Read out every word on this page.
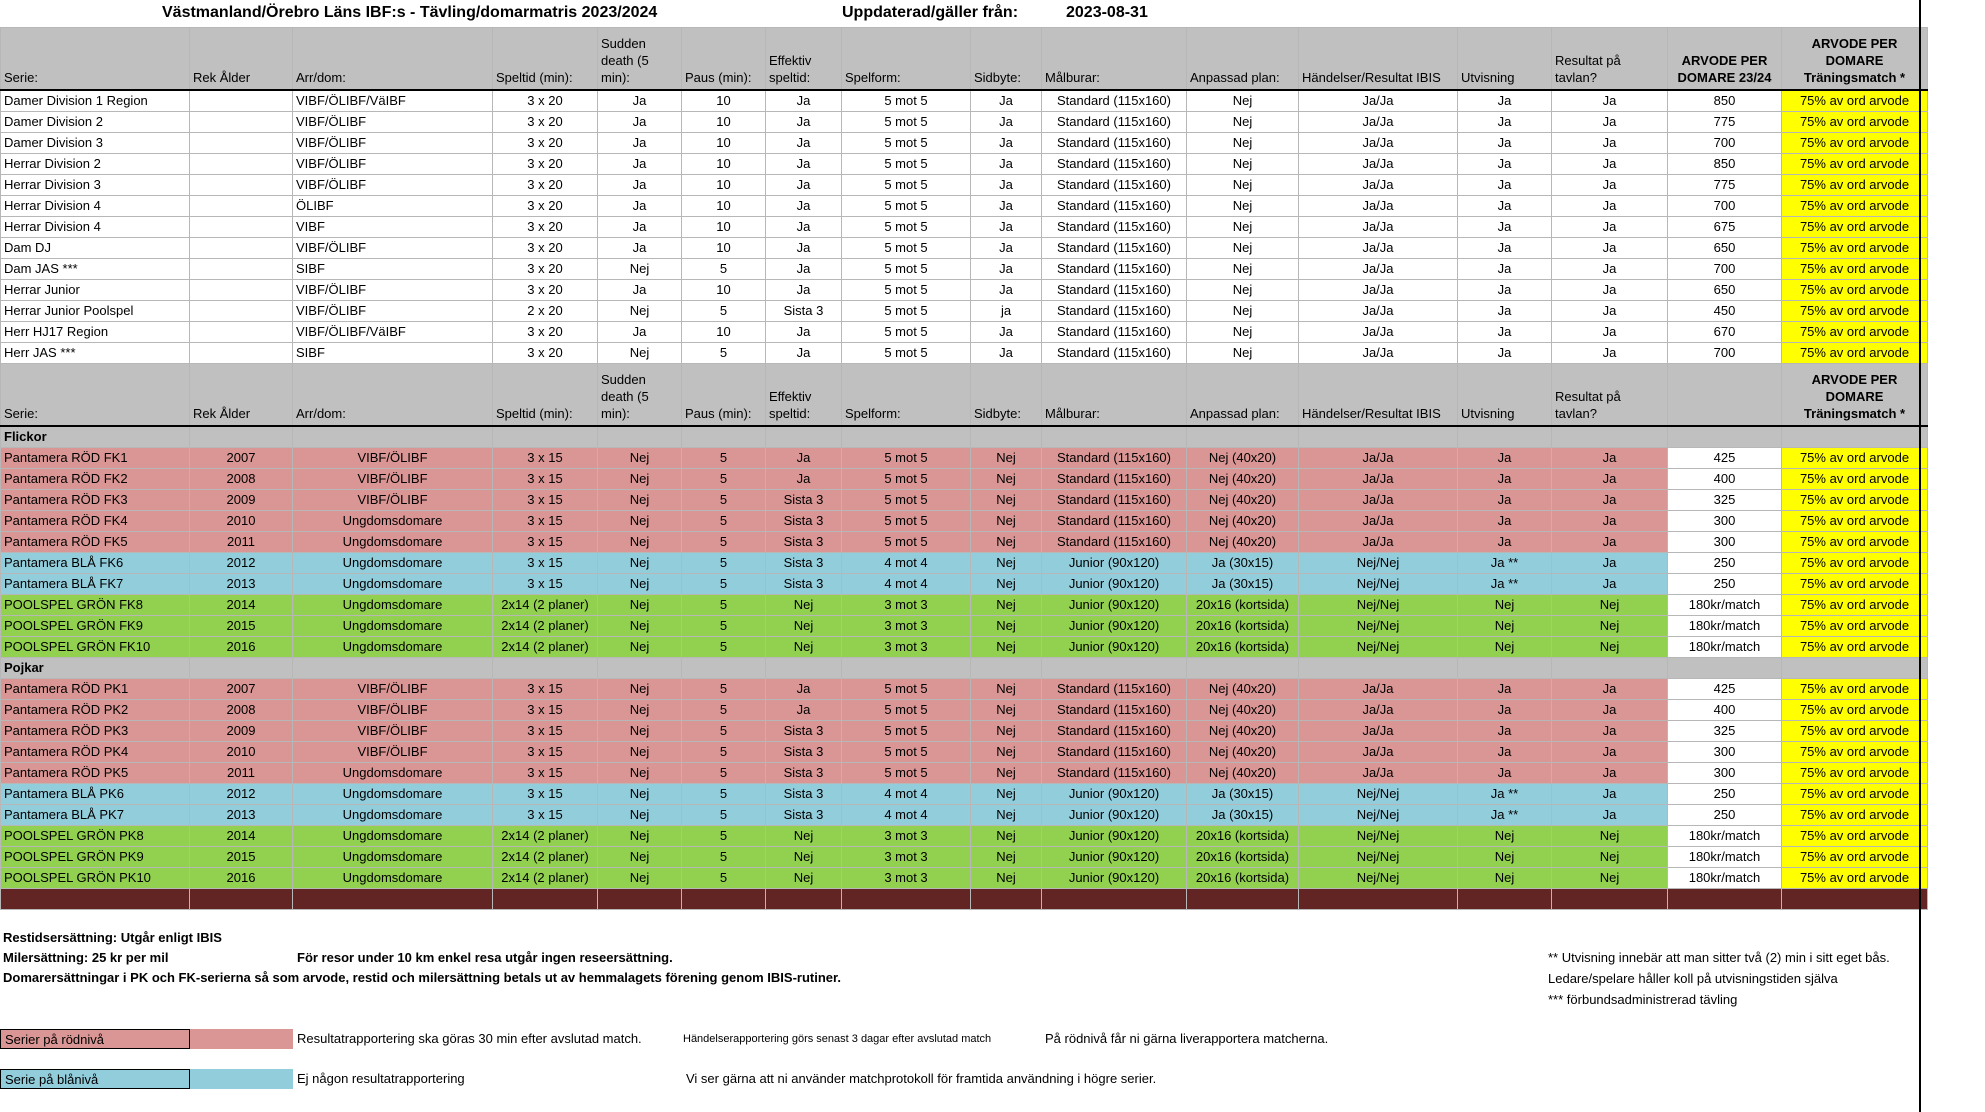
Västmanland/Örebro Läns IBF:s - Tävling/domarmatris 2023/2024	Uppdaterad/gäller från:	2023-08-31
Serie:	Rek Ålder	Arr/dom:	Speltid (min):	Sudden death (5 min):	Paus (min):	Effektiv speltid:	Spelform:	Sidbyte:	Målburar:	Anpassad plan:	Händelser/Resultat IBIS	Utvisning	Resultat på tavlan?	ARVODE PER DOMARE 23/24	ARVODE PER DOMARE Träningsmatch *
Damer Division 1 Region		VIBF/ÖLIBF/VäIBF	3 x 20	Ja	10	Ja	5 mot 5	Ja	Standard (115x160)	Nej	Ja/Ja	Ja	Ja	850	75% av ord arvode
Damer Division 2		VIBF/ÖLIBF	3 x 20	Ja	10	Ja	5 mot 5	Ja	Standard (115x160)	Nej	Ja/Ja	Ja	Ja	775	75% av ord arvode
Damer Division 3		VIBF/ÖLIBF	3 x 20	Ja	10	Ja	5 mot 5	Ja	Standard (115x160)	Nej	Ja/Ja	Ja	Ja	700	75% av ord arvode
Herrar Division 2		VIBF/ÖLIBF	3 x 20	Ja	10	Ja	5 mot 5	Ja	Standard (115x160)	Nej	Ja/Ja	Ja	Ja	850	75% av ord arvode
Herrar Division 3		VIBF/ÖLIBF	3 x 20	Ja	10	Ja	5 mot 5	Ja	Standard (115x160)	Nej	Ja/Ja	Ja	Ja	775	75% av ord arvode
Herrar Division 4		ÖLIBF	3 x 20	Ja	10	Ja	5 mot 5	Ja	Standard (115x160)	Nej	Ja/Ja	Ja	Ja	700	75% av ord arvode
Herrar Division 4		VIBF	3 x 20	Ja	10	Ja	5 mot 5	Ja	Standard (115x160)	Nej	Ja/Ja	Ja	Ja	675	75% av ord arvode
Dam DJ		VIBF/ÖLIBF	3 x 20	Ja	10	Ja	5 mot 5	Ja	Standard (115x160)	Nej	Ja/Ja	Ja	Ja	650	75% av ord arvode
Dam JAS ***		SIBF	3 x 20	Nej	5	Ja	5 mot 5	Ja	Standard (115x160)	Nej	Ja/Ja	Ja	Ja	700	75% av ord arvode
Herrar Junior		VIBF/ÖLIBF	3 x 20	Ja	10	Ja	5 mot 5	Ja	Standard (115x160)	Nej	Ja/Ja	Ja	Ja	650	75% av ord arvode
Herrar Junior Poolspel		VIBF/ÖLIBF	2 x 20	Nej	5	Sista 3	5 mot 5	ja	Standard (115x160)	Nej	Ja/Ja	Ja	Ja	450	75% av ord arvode
Herr HJ17 Region		VIBF/ÖLIBF/VäIBF	3 x 20	Ja	10	Ja	5 mot 5	Ja	Standard (115x160)	Nej	Ja/Ja	Ja	Ja	670	75% av ord arvode
Herr JAS ***		SIBF	3 x 20	Nej	5	Ja	5 mot 5	Ja	Standard (115x160)	Nej	Ja/Ja	Ja	Ja	700	75% av ord arvode
Serie:	Rek Ålder	Arr/dom:	Speltid (min):	Sudden death (5 min):	Paus (min):	Effektiv speltid:	Spelform:	Sidbyte:	Målburar:	Anpassad plan:	Händelser/Resultat IBIS	Utvisning	Resultat på tavlan?		ARVODE PER DOMARE Träningsmatch *
Flickor															
Pantamera RÖD FK1	2007	VIBF/ÖLIBF	3 x 15	Nej	5	Ja	5 mot 5	Nej	Standard (115x160)	Nej (40x20)	Ja/Ja	Ja	Ja	425	75% av ord arvode
Pantamera RÖD FK2	2008	VIBF/ÖLIBF	3 x 15	Nej	5	Ja	5 mot 5	Nej	Standard (115x160)	Nej (40x20)	Ja/Ja	Ja	Ja	400	75% av ord arvode
Pantamera RÖD FK3	2009	VIBF/ÖLIBF	3 x 15	Nej	5	Sista 3	5 mot 5	Nej	Standard (115x160)	Nej (40x20)	Ja/Ja	Ja	Ja	325	75% av ord arvode
Pantamera RÖD FK4	2010	Ungdomsdomare	3 x 15	Nej	5	Sista 3	5 mot 5	Nej	Standard (115x160)	Nej (40x20)	Ja/Ja	Ja	Ja	300	75% av ord arvode
Pantamera RÖD FK5	2011	Ungdomsdomare	3 x 15	Nej	5	Sista 3	5 mot 5	Nej	Standard (115x160)	Nej (40x20)	Ja/Ja	Ja	Ja	300	75% av ord arvode
Pantamera BLÅ FK6	2012	Ungdomsdomare	3 x 15	Nej	5	Sista 3	4 mot 4	Nej	Junior (90x120)	Ja (30x15)	Nej/Nej	Ja **	Ja	250	75% av ord arvode
Pantamera BLÅ FK7	2013	Ungdomsdomare	3 x 15	Nej	5	Sista 3	4 mot 4	Nej	Junior (90x120)	Ja (30x15)	Nej/Nej	Ja **	Ja	250	75% av ord arvode
POOLSPEL GRÖN FK8	2014	Ungdomsdomare	2x14 (2 planer)	Nej	5	Nej	3 mot 3	Nej	Junior (90x120)	20x16 (kortsida)	Nej/Nej	Nej	Nej	180kr/match	75% av ord arvode
POOLSPEL GRÖN FK9	2015	Ungdomsdomare	2x14 (2 planer)	Nej	5	Nej	3 mot 3	Nej	Junior (90x120)	20x16 (kortsida)	Nej/Nej	Nej	Nej	180kr/match	75% av ord arvode
POOLSPEL GRÖN FK10	2016	Ungdomsdomare	2x14 (2 planer)	Nej	5	Nej	3 mot 3	Nej	Junior (90x120)	20x16 (kortsida)	Nej/Nej	Nej	Nej	180kr/match	75% av ord arvode
Pojkar															
Pantamera RÖD PK1	2007	VIBF/ÖLIBF	3 x 15	Nej	5	Ja	5 mot 5	Nej	Standard (115x160)	Nej (40x20)	Ja/Ja	Ja	Ja	425	75% av ord arvode
Pantamera RÖD PK2	2008	VIBF/ÖLIBF	3 x 15	Nej	5	Ja	5 mot 5	Nej	Standard (115x160)	Nej (40x20)	Ja/Ja	Ja	Ja	400	75% av ord arvode
Pantamera RÖD PK3	2009	VIBF/ÖLIBF	3 x 15	Nej	5	Sista 3	5 mot 5	Nej	Standard (115x160)	Nej (40x20)	Ja/Ja	Ja	Ja	325	75% av ord arvode
Pantamera RÖD PK4	2010	VIBF/ÖLIBF	3 x 15	Nej	5	Sista 3	5 mot 5	Nej	Standard (115x160)	Nej (40x20)	Ja/Ja	Ja	Ja	300	75% av ord arvode
Pantamera RÖD PK5	2011	Ungdomsdomare	3 x 15	Nej	5	Sista 3	5 mot 5	Nej	Standard (115x160)	Nej (40x20)	Ja/Ja	Ja	Ja	300	75% av ord arvode
Pantamera BLÅ PK6	2012	Ungdomsdomare	3 x 15	Nej	5	Sista 3	4 mot 4	Nej	Junior (90x120)	Ja (30x15)	Nej/Nej	Ja **	Ja	250	75% av ord arvode
Pantamera BLÅ PK7	2013	Ungdomsdomare	3 x 15	Nej	5	Sista 3	4 mot 4	Nej	Junior (90x120)	Ja (30x15)	Nej/Nej	Ja **	Ja	250	75% av ord arvode
POOLSPEL GRÖN PK8	2014	Ungdomsdomare	2x14 (2 planer)	Nej	5	Nej	3 mot 3	Nej	Junior (90x120)	20x16 (kortsida)	Nej/Nej	Nej	Nej	180kr/match	75% av ord arvode
POOLSPEL GRÖN PK9	2015	Ungdomsdomare	2x14 (2 planer)	Nej	5	Nej	3 mot 3	Nej	Junior (90x120)	20x16 (kortsida)	Nej/Nej	Nej	Nej	180kr/match	75% av ord arvode
POOLSPEL GRÖN PK10	2016	Ungdomsdomare	2x14 (2 planer)	Nej	5	Nej	3 mot 3	Nej	Junior (90x120)	20x16 (kortsida)	Nej/Nej	Nej	Nej	180kr/match	75% av ord arvode

Restidsersättning: Utgår enligt IBIS
Milersättning: 25 kr per mil	För resor under 10 km enkel resa utgår ingen reseersättning.
Domarersättningar i PK och FK-serierna så som arvode, restid och milersättning betals ut av hemmalagets förening genom IBIS-rutiner.
** Utvisning innebär att man sitter två (2) min i sitt eget bås.
Ledare/spelare håller koll på utvisningstiden själva
*** förbundsadministrerad tävling
Serier på rödnivå	Resultatrapportering ska göras 30 min efter avslutad match.	Händelserapportering görs senast 3 dagar efter avslutad match	På rödnivå får ni gärna liverapportera matcherna.
Serie på blånivå	Ej någon resultatrapportering	Vi ser gärna att ni använder matchprotokoll för framtida användning i högre serier.
